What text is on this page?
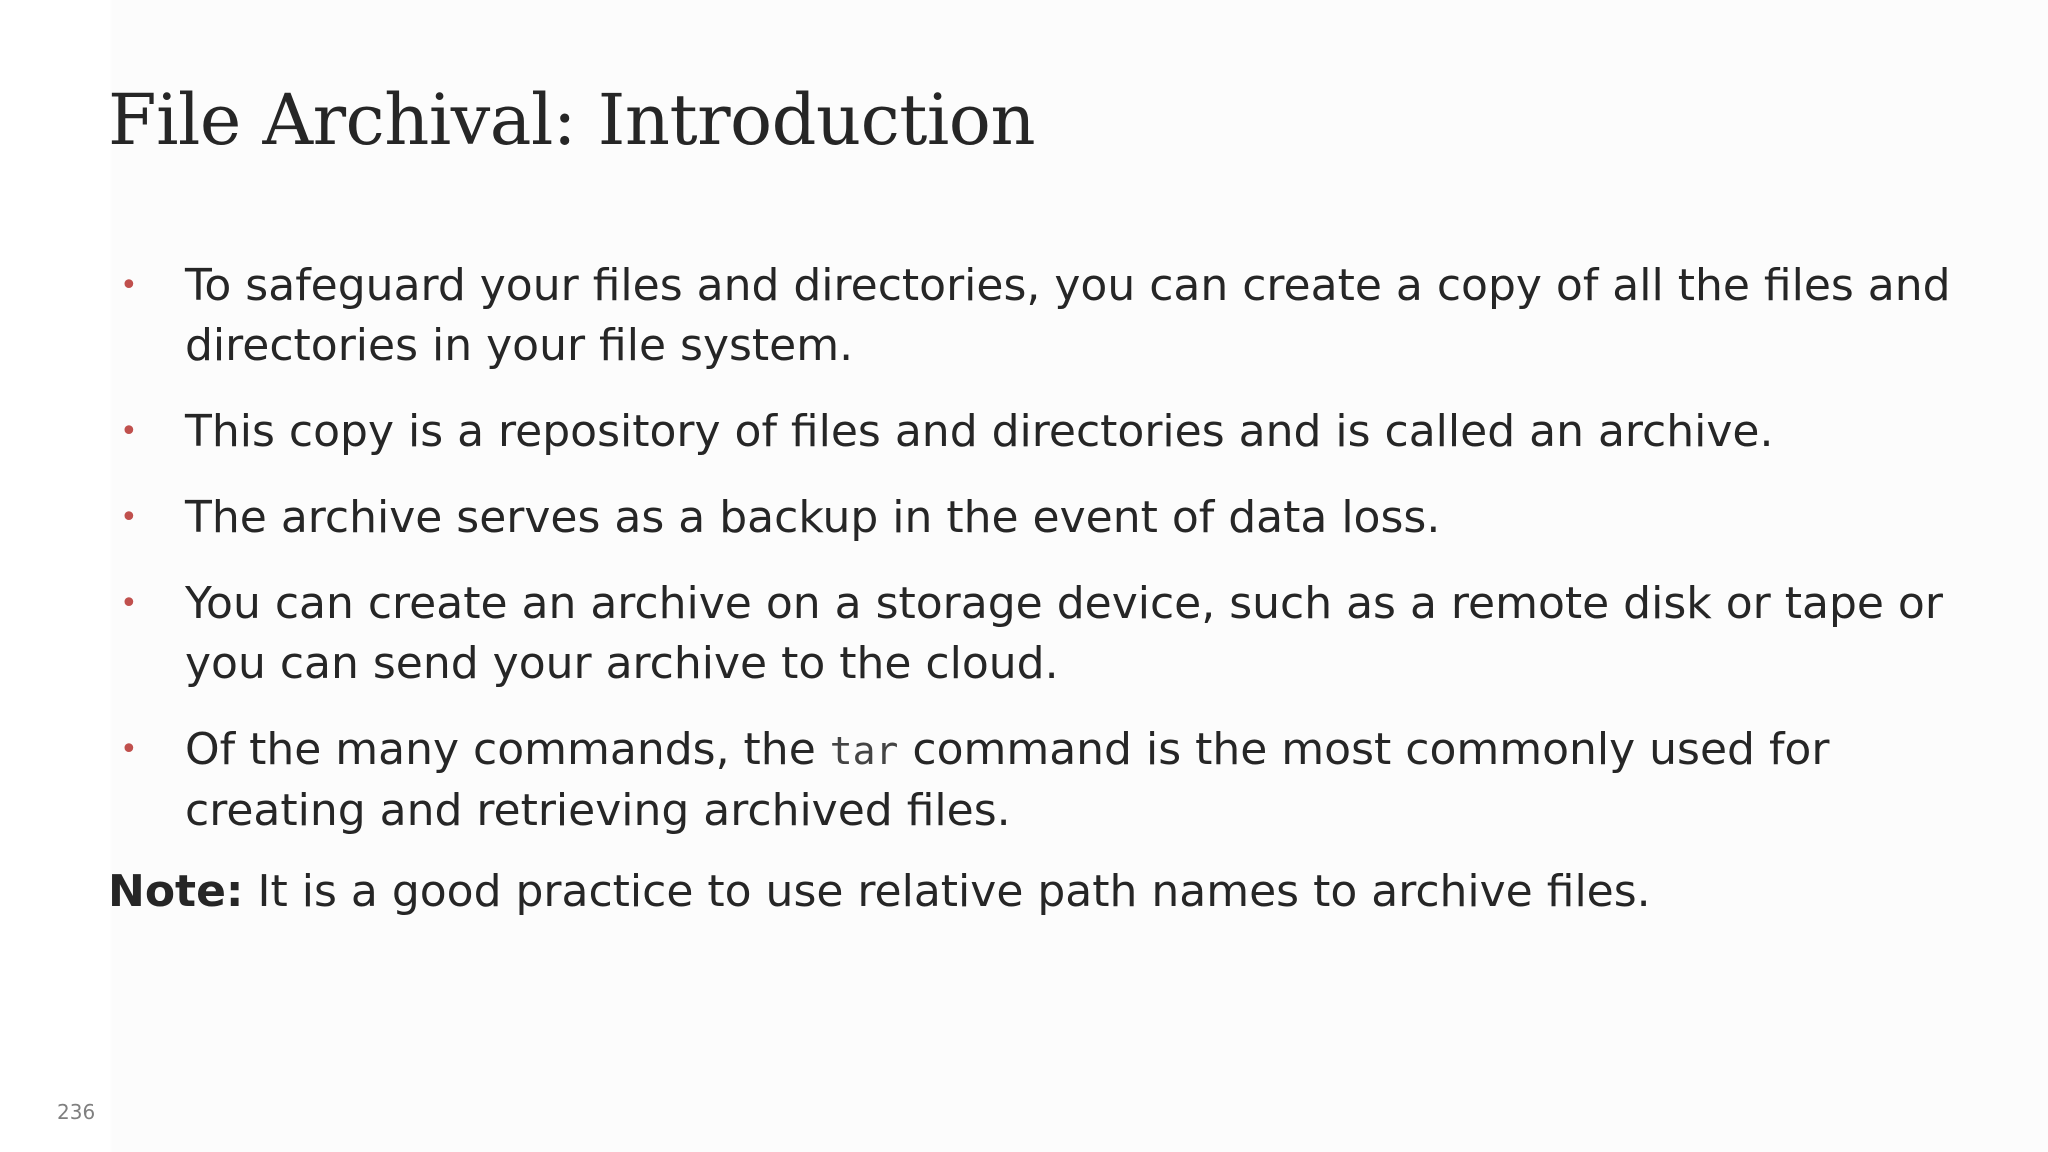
File Archival: Introduction
• To safeguard your files and directories, you can create a copy of all the files and directories in your file system.
• This copy is a repository of files and directories and is called an archive.
• The archive serves as a backup in the event of data loss.
• You can create an archive on a storage device, such as a remote disk or tape or you can send your archive to the cloud.
• Of the many commands, the tar command is the most commonly used for creating and retrieving archived files.

Note: It is a good practice to use relative path names to archive files.

236
